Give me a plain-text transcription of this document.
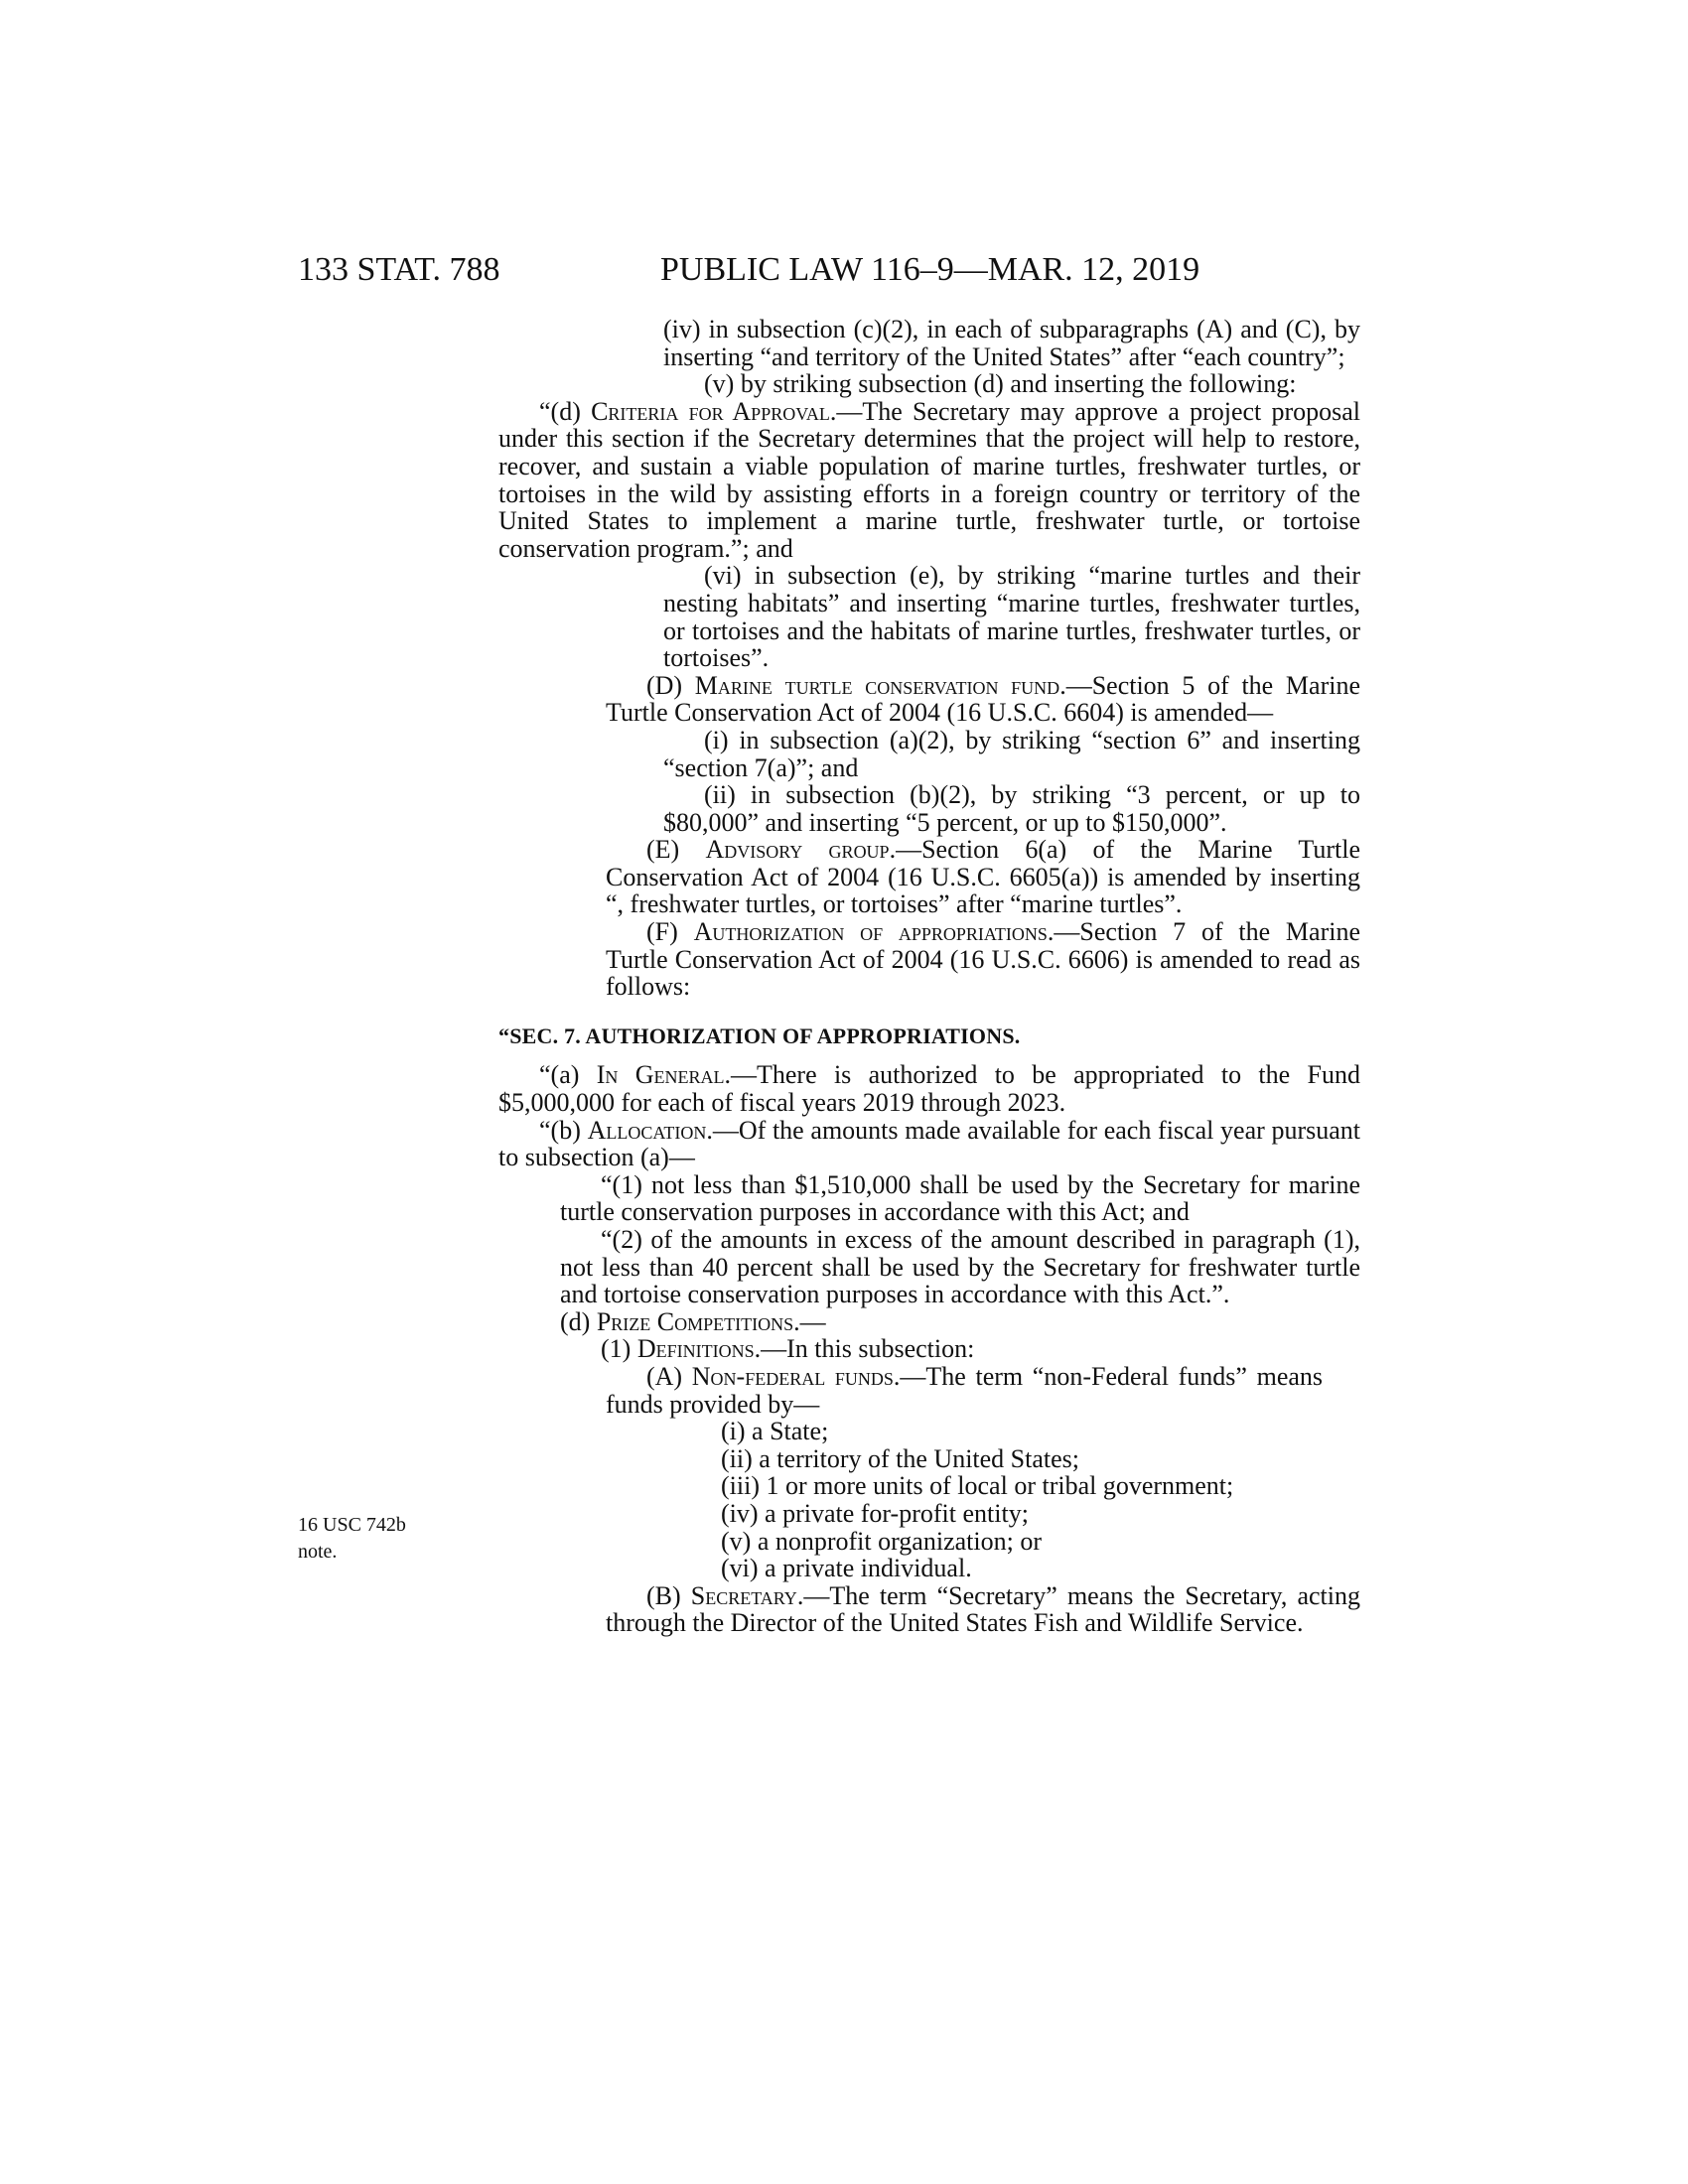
133 STAT. 788	PUBLIC LAW 116–9—MAR. 12, 2019
16 USC 742b
note.

(iv) in subsection (c)(2), in each of subparagraphs (A) and (C), by inserting “and territory of the United States” after “each country”;

(v) by striking subsection (d) and inserting the following:

“(d) Criteria for Approval.—The Secretary may approve a project proposal under this section if the Secretary determines that the project will help to restore, recover, and sustain a viable population of marine turtles, freshwater turtles, or tortoises in the wild by assisting efforts in a foreign country or territory of the United States to implement a marine turtle, freshwater turtle, or tortoise conservation program.”; and

(vi) in subsection (e), by striking “marine turtles and their nesting habitats” and inserting “marine turtles, freshwater turtles, or tortoises and the habitats of marine turtles, freshwater turtles, or tortoises”.

(D) Marine turtle conservation fund.—Section 5 of the Marine Turtle Conservation Act of 2004 (16 U.S.C. 6604) is amended—

(i) in subsection (a)(2), by striking “section 6” and inserting “section 7(a)”; and

(ii) in subsection (b)(2), by striking “3 percent, or up to $80,000” and inserting “5 percent, or up to $150,000”.

(E) Advisory group.—Section 6(a) of the Marine Turtle Conservation Act of 2004 (16 U.S.C. 6605(a)) is amended by inserting “, freshwater turtles, or tortoises” after “marine turtles”.

(F) Authorization of appropriations.—Section 7 of the Marine Turtle Conservation Act of 2004 (16 U.S.C. 6606) is amended to read as follows:

“SEC. 7. AUTHORIZATION OF APPROPRIATIONS.

“(a) In General.—There is authorized to be appropriated to the Fund $5,000,000 for each of fiscal years 2019 through 2023.

“(b) Allocation.—Of the amounts made available for each fiscal year pursuant to subsection (a)—

“(1) not less than $1,510,000 shall be used by the Secretary for marine turtle conservation purposes in accordance with this Act; and

“(2) of the amounts in excess of the amount described in paragraph (1), not less than 40 percent shall be used by the Secretary for freshwater turtle and tortoise conservation purposes in accordance with this Act.”.

(d) Prize Competitions.—

(1) Definitions.—In this subsection:

(A) Non-federal funds.—The term “non-Federal funds” means funds provided by—

(i) a State;

(ii) a territory of the United States;

(iii) 1 or more units of local or tribal government;

(iv) a private for-profit entity;

(v) a nonprofit organization; or

(vi) a private individual.

(B) Secretary.—The term “Secretary” means the Secretary, acting through the Director of the United States Fish and Wildlife Service.
